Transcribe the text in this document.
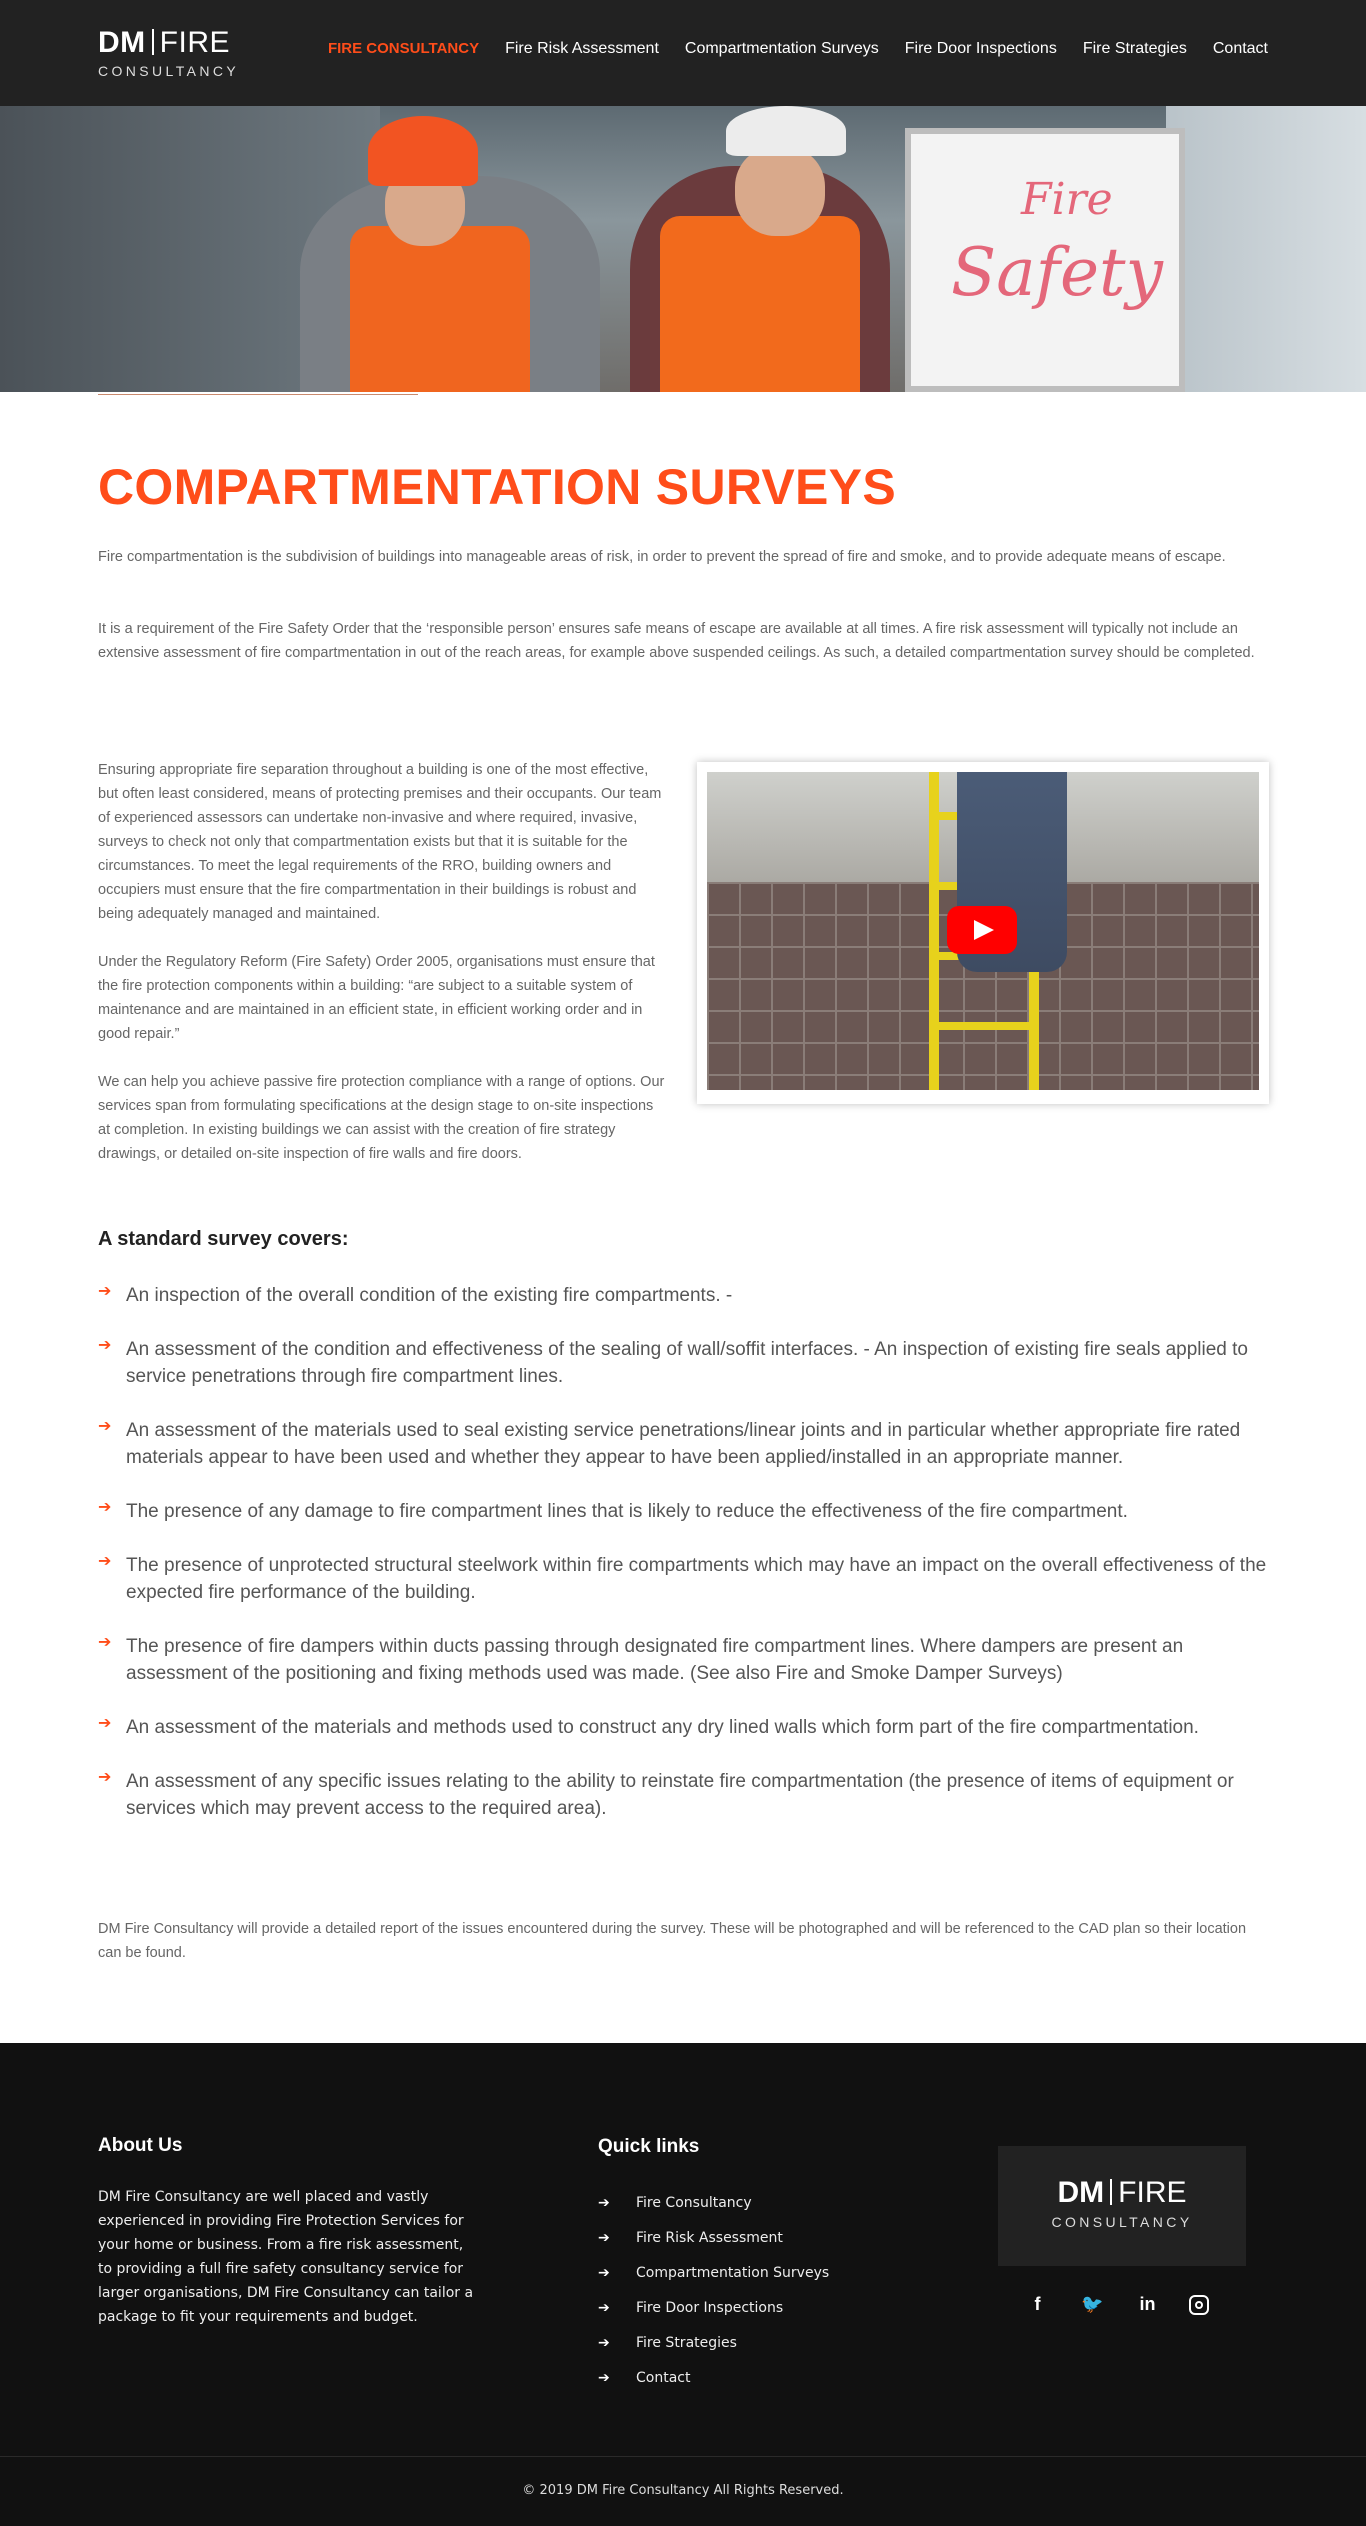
DM FIRE
CONSULTANCY
FIRE CONSULTANCY Fire Risk Assessment Compartmentation Surveys Fire Door Inspections Fire Strategies Contact
Fire
Safety
COMPARTMENTATION SURVEYS

Fire compartmentation is the subdivision of buildings into manageable areas of risk, in order to prevent the spread of fire and smoke, and to provide adequate means of escape.

It is a requirement of the Fire Safety Order that the ‘responsible person’ ensures safe means of escape are available at all times. A fire risk assessment will typically not include an extensive assessment of fire compartmentation in out of the reach areas, for example above suspended ceilings. As such, a detailed compartmentation survey should be completed.

Ensuring appropriate fire separation throughout a building is one of the most effective, but often least considered, means of protecting premises and their occupants. Our team of experienced assessors can undertake non-invasive and where required, invasive, surveys to check not only that compartmentation exists but that it is suitable for the circumstances. To meet the legal requirements of the RRO, building owners and occupiers must ensure that the fire compartmentation in their buildings is robust and being adequately managed and maintained.

Under the Regulatory Reform (Fire Safety) Order 2005, organisations must ensure that the fire protection components within a building: “are subject to a suitable system of maintenance and are maintained in an efficient state, in efficient working order and in good repair.”

We can help you achieve passive fire protection compliance with a range of options. Our services span from formulating specifications at the design stage to on-site inspections at completion. In existing buildings we can assist with the creation of fire strategy drawings, or detailed on-site inspection of fire walls and fire doors.

A standard survey covers:
➔ An inspection of the overall condition of the existing fire compartments. -
➔ An assessment of the condition and effectiveness of the sealing of wall/soffit interfaces. - An inspection of existing fire seals applied to service penetrations through fire compartment lines.
➔ An assessment of the materials used to seal existing service penetrations/linear joints and in particular whether appropriate fire rated materials appear to have been used and whether they appear to have been applied/installed in an appropriate manner.
➔ The presence of any damage to fire compartment lines that is likely to reduce the effectiveness of the fire compartment.
➔ The presence of unprotected structural steelwork within fire compartments which may have an impact on the overall effectiveness of the expected fire performance of the building.
➔ The presence of fire dampers within ducts passing through designated fire compartment lines. Where dampers are present an assessment of the positioning and fixing methods used was made. (See also Fire and Smoke Damper Surveys)
➔ An assessment of the materials and methods used to construct any dry lined walls which form part of the fire compartmentation.
➔ An assessment of any specific issues relating to the ability to reinstate fire compartmentation (the presence of items of equipment or services which may prevent access to the required area).

DM Fire Consultancy will provide a detailed report of the issues encountered during the survey. These will be photographed and will be referenced to the CAD plan so their location can be found.

About Us

DM Fire Consultancy are well placed and vastly experienced in providing Fire Protection Services for your home or business. From a fire risk assessment, to providing a full fire safety consultancy service for larger organisations, DM Fire Consultancy can tailor a package to fit your requirements and budget.

Quick links
➔	Fire Consultancy
➔	Fire Risk Assessment
➔	Compartmentation Surveys
➔	Fire Door Inspections
➔	Fire Strategies
➔	Contact
DM FIRE
CONSULTANCY
f	🐦	in
© 2019 DM Fire Consultancy All Rights Reserved.
